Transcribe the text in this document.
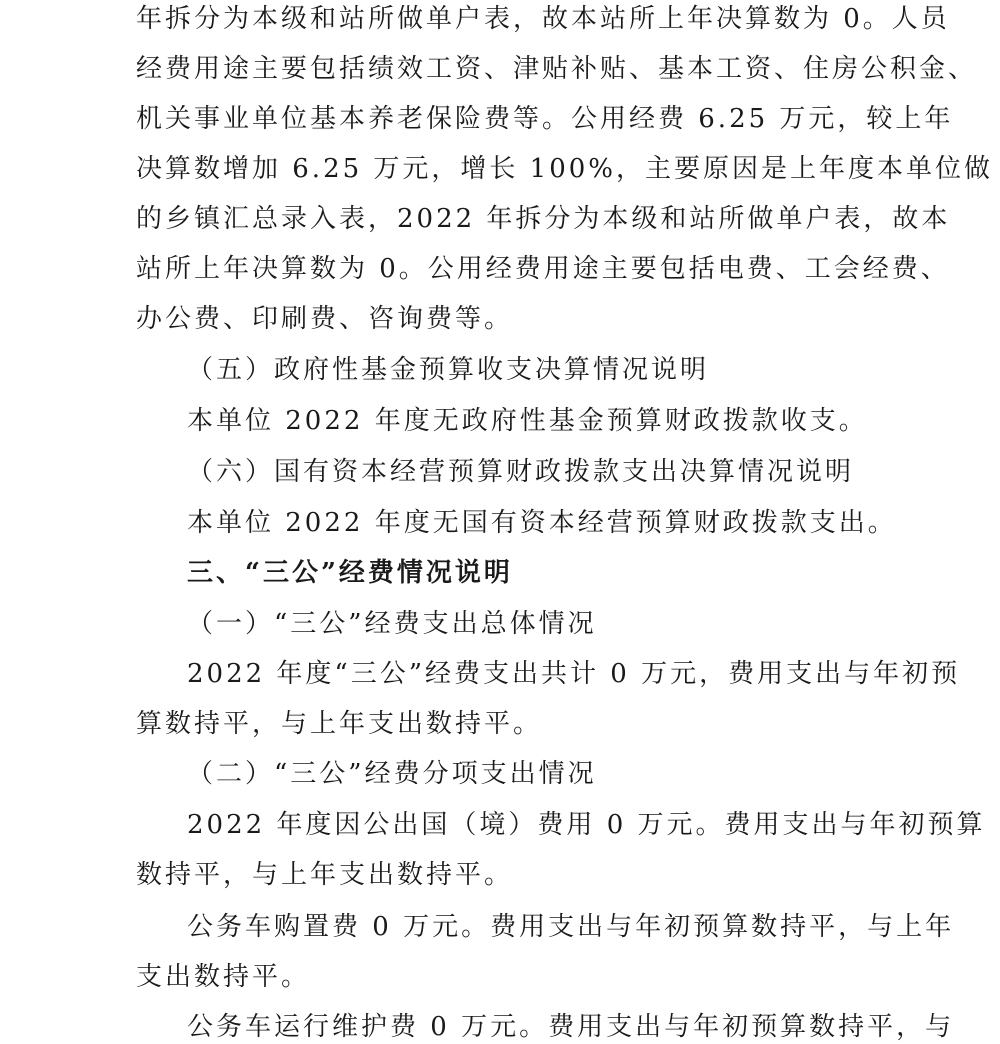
年拆分为本级和站所做单户表，故本站所上年决算数为 0。人员
经费用途主要包括绩效工资、津贴补贴、基本工资、住房公积金、
机关事业单位基本养老保险费等。公用经费 6.25 万元，较上年
决算数增加 6.25 万元，增长 100%，主要原因是上年度本单位做
的乡镇汇总录入表，2022 年拆分为本级和站所做单户表，故本
站所上年决算数为 0。公用经费用途主要包括电费、工会经费、
办公费、印刷费、咨询费等。
（五）政府性基金预算收支决算情况说明
本单位 2022 年度无政府性基金预算财政拨款收支。
（六）国有资本经营预算财政拨款支出决算情况说明
本单位 2022 年度无国有资本经营预算财政拨款支出。
三、“三公”经费情况说明
（一）“三公”经费支出总体情况
2022 年度“三公”经费支出共计 0 万元，费用支出与年初预
算数持平，与上年支出数持平。
（二）“三公”经费分项支出情况
2022 年度因公出国（境）费用 0 万元。费用支出与年初预算
数持平，与上年支出数持平。
公务车购置费 0 万元。费用支出与年初预算数持平，与上年
支出数持平。
公务车运行维护费 0 万元。费用支出与年初预算数持平，与
